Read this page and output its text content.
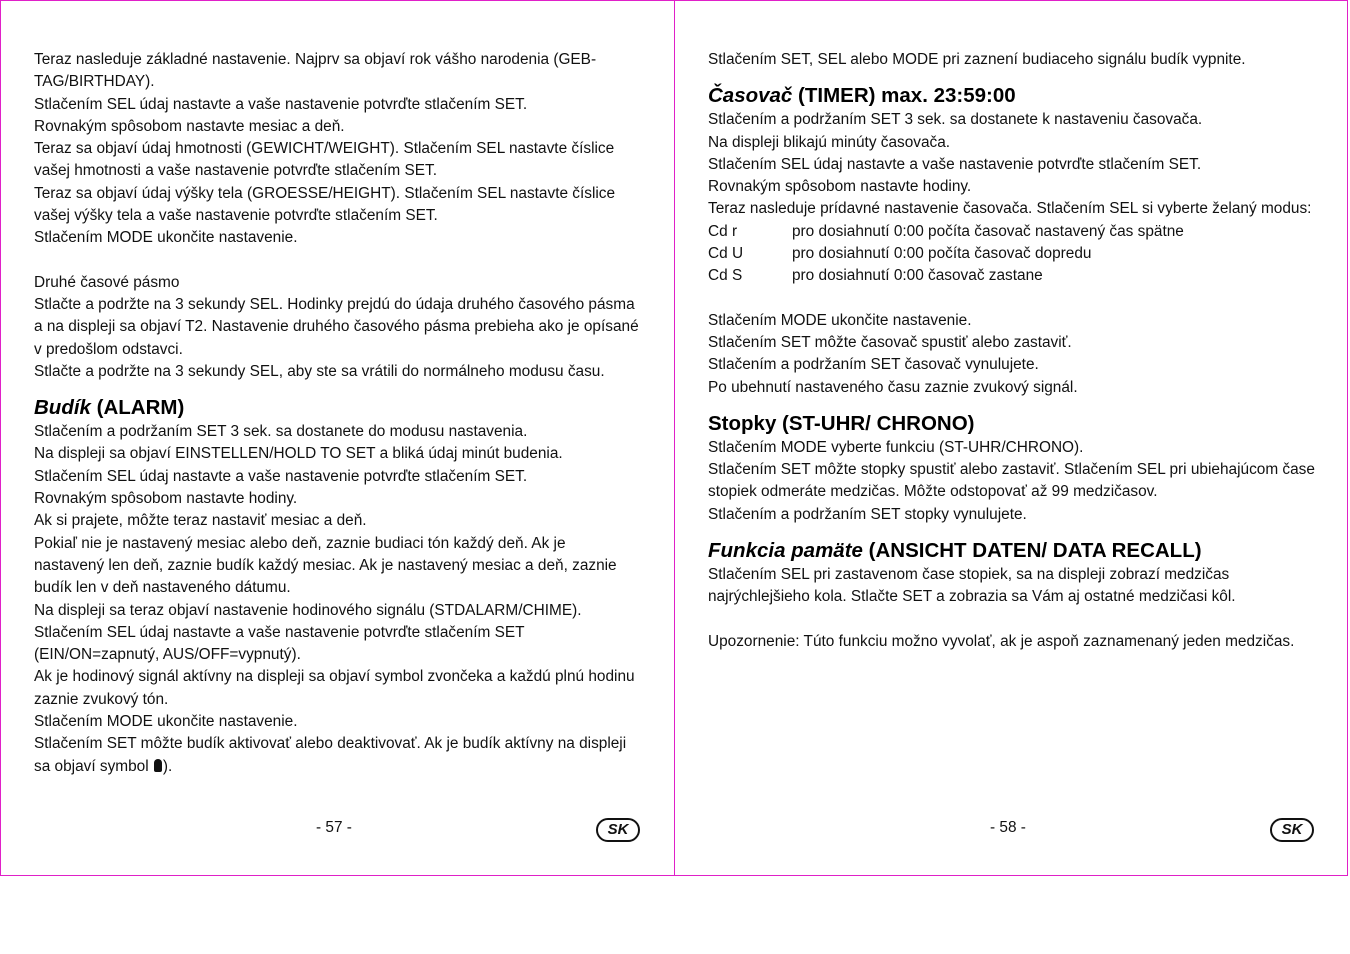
Teraz nasleduje základné nastavenie. Najprv sa objaví rok vášho narodenia (GEB-TAG/BIRTHDAY).

Stlačením SEL údaj nastavte a vaše nastavenie potvrďte stlačením SET.

Rovnakým spôsobom nastavte mesiac a deň.

Teraz sa objaví údaj hmotnosti (GEWICHT/WEIGHT). Stlačením SEL nastavte číslice vašej hmotnosti a vaše nastavenie potvrďte stlačením SET.

Teraz sa objaví údaj výšky tela (GROESSE/HEIGHT). Stlačením SEL nastavte číslice vašej výšky tela a vaše nastavenie potvrďte stlačením SET.

Stlačením MODE ukončite nastavenie.

Druhé časové pásmo

Stlačte a podržte na 3 sekundy SEL. Hodinky prejdú do údaja druhého časového pásma a na displeji sa objaví T2. Nastavenie druhého časového pásma prebieha ako je opísané v predošlom odstavci.

Stlačte a podržte na 3 sekundy SEL, aby ste sa vrátili do normálneho modusu času.

Budík (ALARM)

Stlačením a podržaním SET 3 sek. sa dostanete do modusu nastavenia.

Na displeji sa objaví EINSTELLEN/HOLD TO SET a bliká údaj minút budenia.

Stlačením SEL údaj nastavte a vaše nastavenie potvrďte stlačením SET.

Rovnakým spôsobom nastavte hodiny.

Ak si prajete, môžte teraz nastaviť mesiac a deň.

Pokiaľ nie je nastavený mesiac alebo deň, zaznie budiaci tón každý deň. Ak je nastavený len deň, zaznie budík každý mesiac. Ak je nastavený mesiac a deň, zaznie budík len v deň nastaveného dátumu.

Na displeji sa teraz objaví nastavenie hodinového signálu (STDALARM/CHIME).

Stlačením SEL údaj nastavte a vaše nastavenie potvrďte stlačením SET (EIN/ON=zapnutý, AUS/OFF=vypnutý).

Ak je hodinový signál aktívny na displeji sa objaví symbol zvončeka a každú plnú hodinu zaznie zvukový tón.

Stlačením MODE ukončite nastavenie.

Stlačením SET môžte budík aktivovať alebo deaktivovať. Ak je budík aktívny na displeji sa objaví symbol ).

- 57 -	SK

Stlačením SET, SEL alebo MODE pri zaznení budiaceho signálu budík vypnite.

Časovač (TIMER) max. 23:59:00

Stlačením a podržaním SET 3 sek. sa dostanete k nastaveniu časovača.

Na displeji blikajú minúty časovača.

Stlačením SEL údaj nastavte a vaše nastavenie potvrďte stlačením SET.

Rovnakým spôsobom nastavte hodiny.

Teraz nasleduje prídavné nastavenie časovača. Stlačením SEL si vyberte želaný modus:

Cd r	pro dosiahnutí 0:00 počíta časovač nastavený čas spätne
Cd U	pro dosiahnutí 0:00 počíta časovač dopredu
Cd S	pro dosiahnutí 0:00 časovač zastane

Stlačením MODE ukončite nastavenie.

Stlačením SET môžte časovač spustiť alebo zastaviť.

Stlačením a podržaním SET časovač vynulujete.

Po ubehnutí nastaveného času zaznie zvukový signál.

Stopky (ST-UHR/ CHRONO)

Stlačením MODE vyberte funkciu (ST-UHR/CHRONO).

Stlačením SET môžte stopky spustiť alebo zastaviť. Stlačením SEL pri ubiehajúcom čase stopiek odmeráte medzičas. Môžte odstopovať až 99 medzičasov.

Stlačením a podržaním SET stopky vynulujete.

Funkcia pamäte (ANSICHT DATEN/ DATA RECALL)

Stlačením SEL pri zastavenom čase stopiek, sa na displeji zobrazí medzičas najrýchlejšieho kola. Stlačte SET a zobrazia sa Vám aj ostatné medzičasi kôl.

Upozornenie: Túto funkciu možno vyvolať, ak je aspoň zaznamenaný jeden medzičas.

- 58 -	SK
